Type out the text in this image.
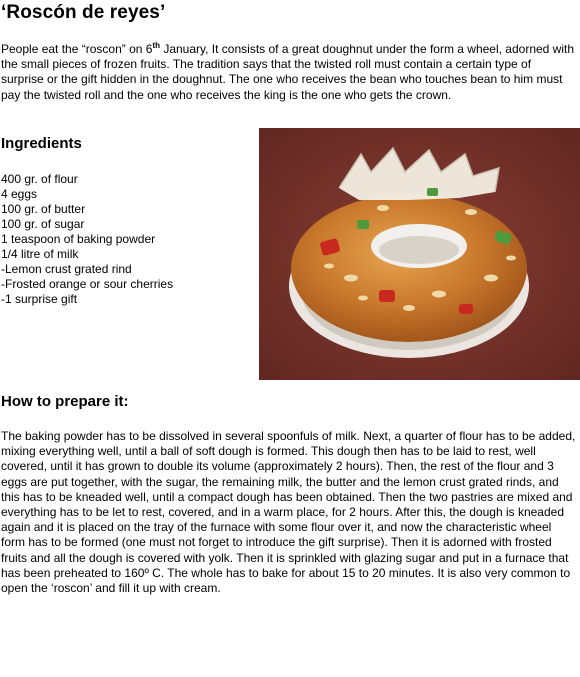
‘Roscón de reyes’

People eat the “roscon” on 6th January, It consists of a great doughnut under the form a wheel, adorned with the small pieces of frozen fruits. The tradition says that the twisted roll must contain a certain type of surprise or the gift hidden in the doughnut. The one who receives the bean who touches bean to him must pay the twisted roll and the one who receives the king is the one who gets the crown.

Ingredients
400 gr. of flour
4 eggs
100 gr. of butter
100 gr. of sugar
1 teaspoon of baking powder
1/4 litre of milk
-Lemon crust grated rind
-Frosted orange or sour cherries
-1 surprise gift
How to prepare it:

The baking powder has to be dissolved in several spoonfuls of milk. Next, a quarter of flour has to be added, mixing everything well, until a ball of soft dough is formed. This dough then has to be laid to rest, well covered, until it has grown to double its volume (approximately 2 hours). Then, the rest of the flour and 3 eggs are put together, with the sugar, the remaining milk, the butter and the lemon crust grated rinds, and this has to be kneaded well, until a compact dough has been obtained. Then the two pastries are mixed and everything has to be let to rest, covered, and in a warm place, for 2 hours. After this, the dough is kneaded again and it is placed on the tray of the furnace with some flour over it, and now the characteristic wheel form has to be formed (one must not forget to introduce the gift surprise). Then it is adorned with frosted fruits and all the dough is covered with yolk. Then it is sprinkled with glazing sugar and put in a furnace that has been preheated to 160º C. The whole has to bake for about 15 to 20 minutes. It is also very common to open the ‘roscon’ and fill it up with cream.
